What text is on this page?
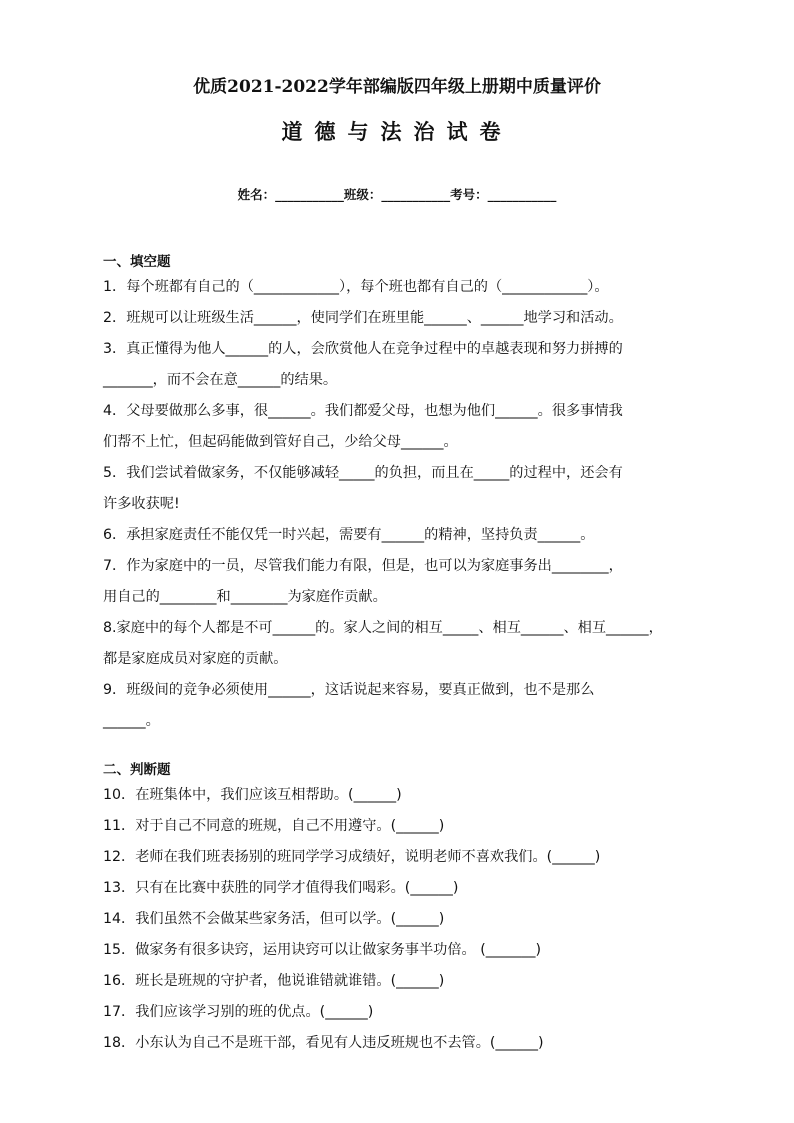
优质2021-2022学年部编版四年级上册期中质量评价
道德与法治试卷
姓名：___________班级：___________考号：___________
一、填空题
1．每个班都有自己的（____________），每个班也都有自己的（____________）。
2．班规可以让班级生活______，使同学们在班里能______、______地学习和活动。
3．真正懂得为他人______的人，会欣赏他人在竞争过程中的卓越表现和努力拼搏的
_______，而不会在意______的结果。
4．父母要做那么多事，很______。我们都爱父母，也想为他们______。很多事情我
们帮不上忙，但起码能做到管好自己，少给父母______。
5．我们尝试着做家务，不仅能够减轻_____的负担，而且在_____的过程中，还会有
许多收获呢!
6．承担家庭责任不能仅凭一时兴起，需要有______的精神，坚持负责______。
7．作为家庭中的一员，尽管我们能力有限，但是，也可以为家庭事务出________，
用自己的________和________为家庭作贡献。
8.家庭中的每个人都是不可______的。家人之间的相互_____、相互______、相互______，
都是家庭成员对家庭的贡献。
9．班级间的竞争必须使用______，这话说起来容易，要真正做到，也不是那么
______。
二、判断题
10．在班集体中，我们应该互相帮助。(______)
11．对于自己不同意的班规，自己不用遵守。(______)
12．老师在我们班表扬别的班同学学习成绩好，说明老师不喜欢我们。(______)
13．只有在比赛中获胜的同学才值得我们喝彩。(______)
14．我们虽然不会做某些家务活，但可以学。(______)
15．做家务有很多诀窍，运用诀窍可以让做家务事半功倍。 (_______)
16．班长是班规的守护者，他说谁错就谁错。(______)
17．我们应该学习别的班的优点。(______)
18．小东认为自己不是班干部，看见有人违反班规也不去管。(______)
